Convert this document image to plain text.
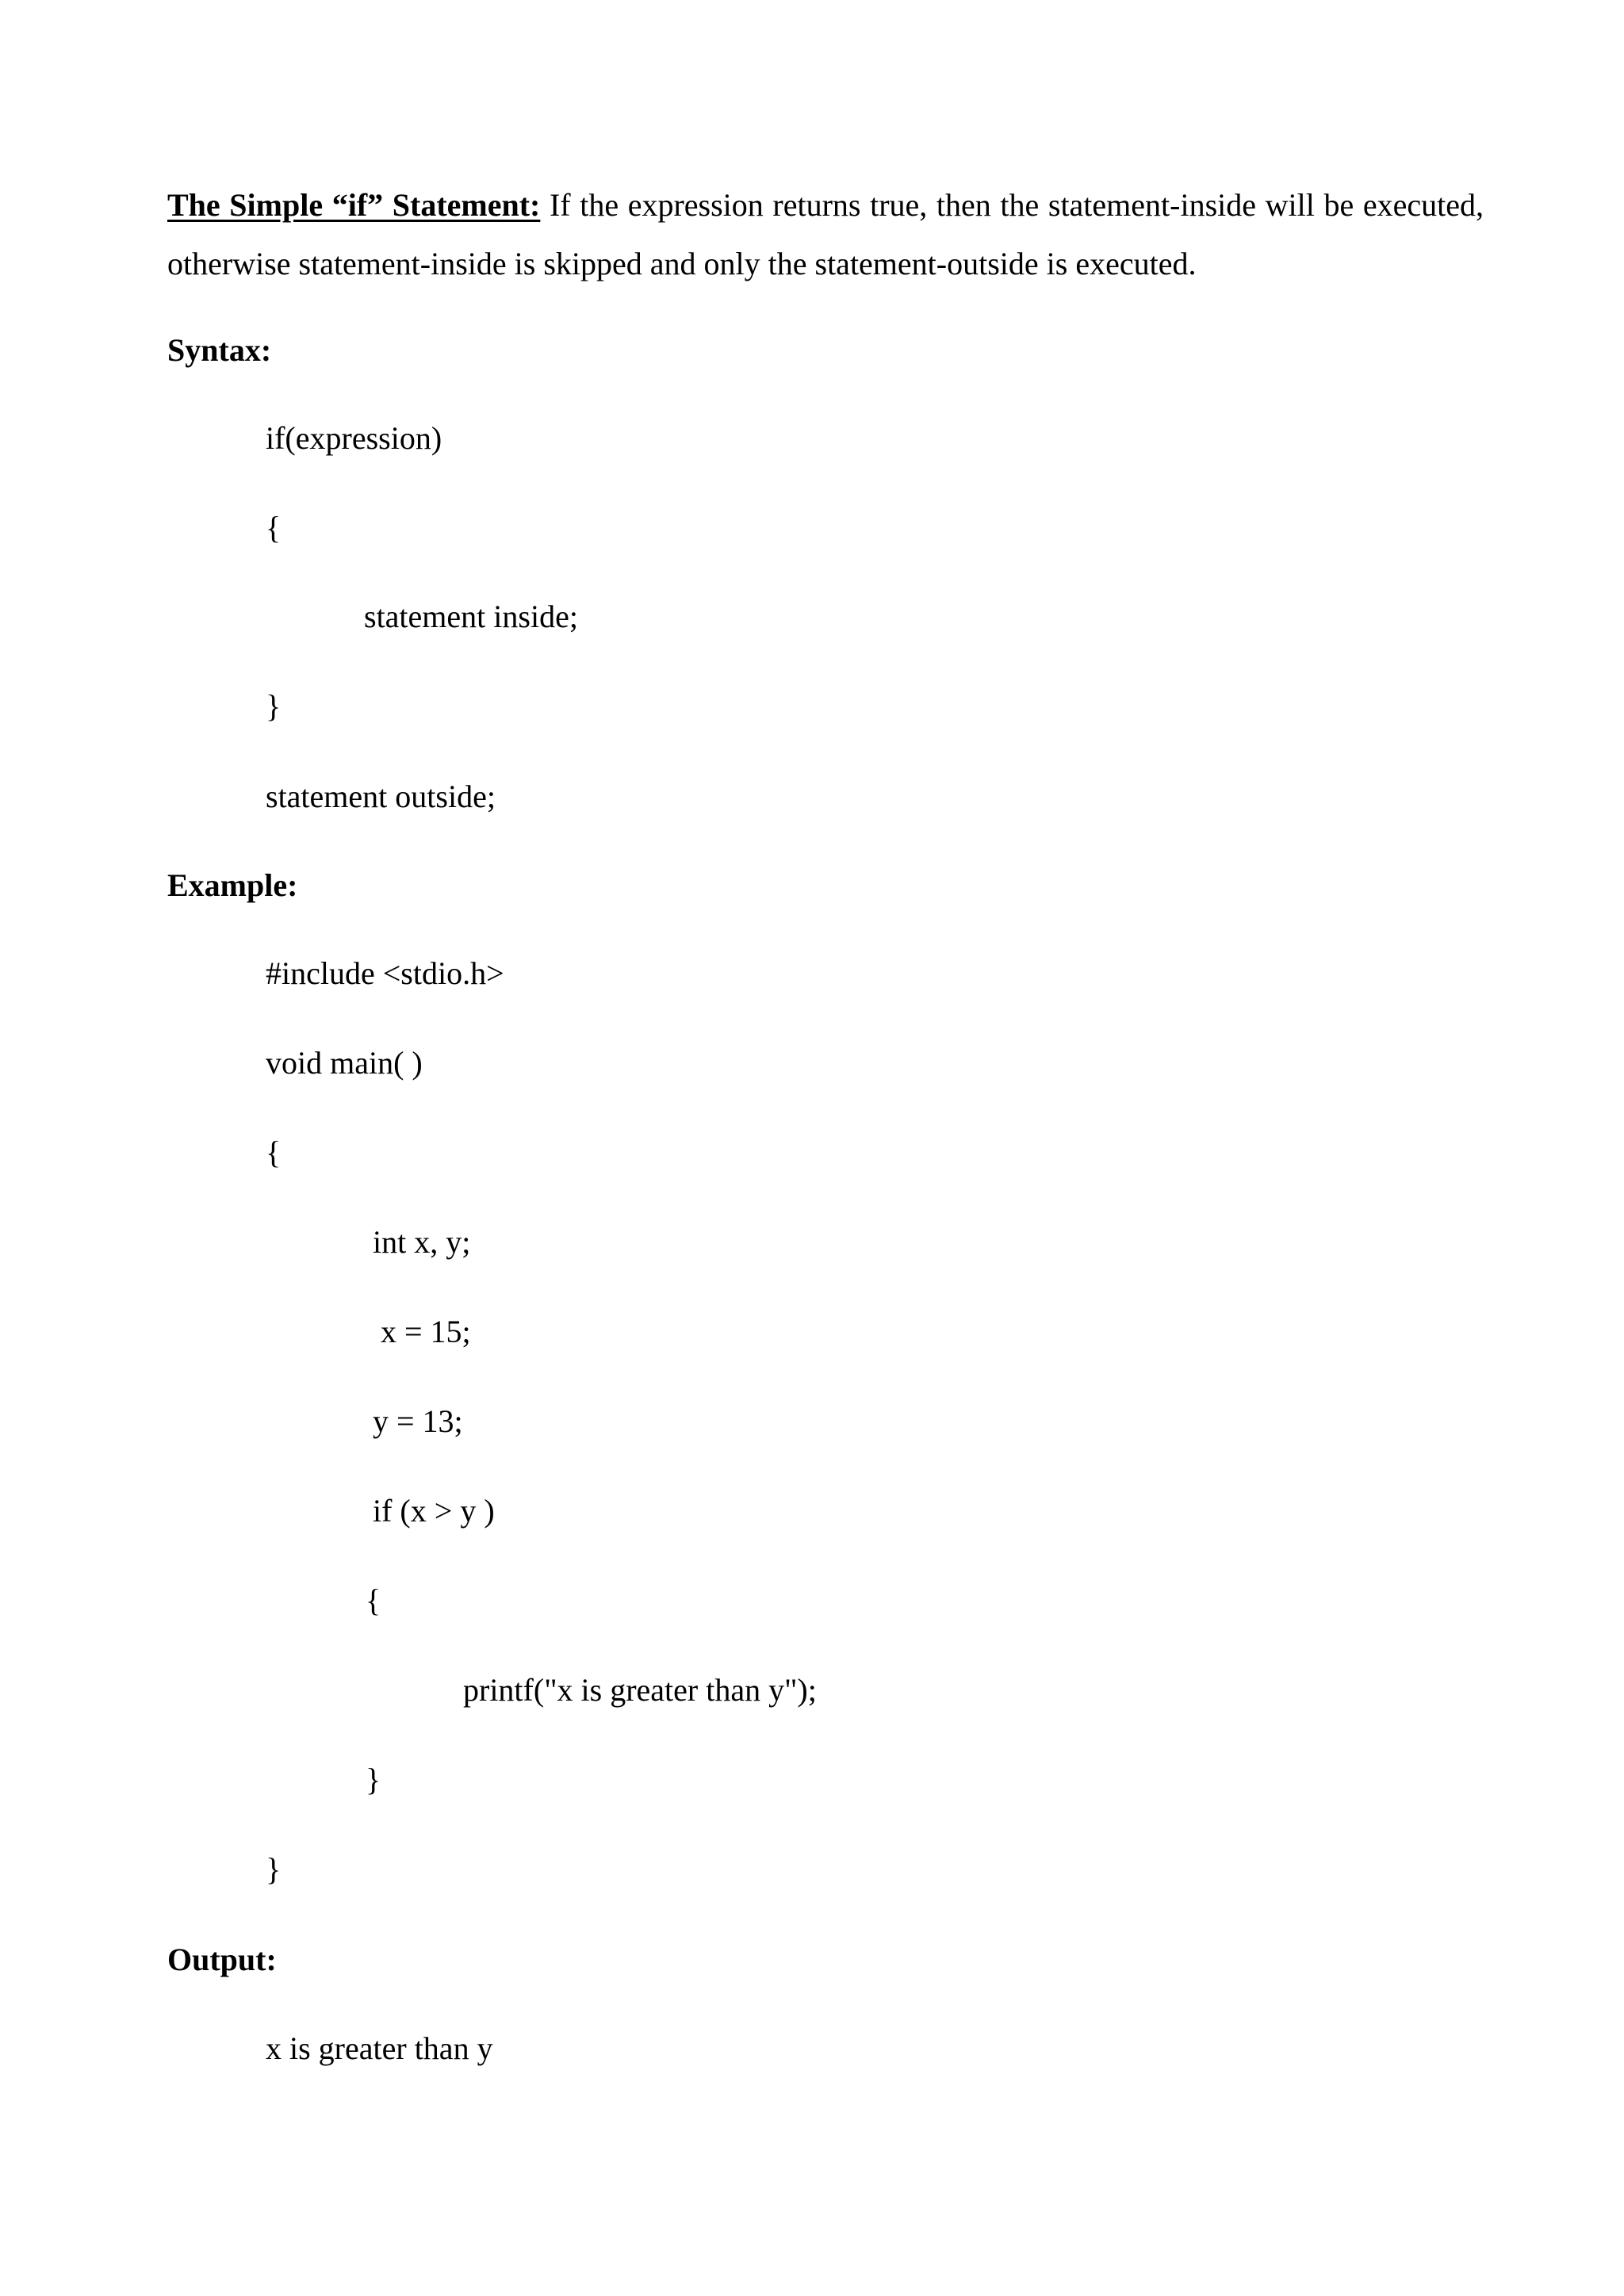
The Simple “if” Statement: If the expression returns true, then the statement-inside will be executed, otherwise statement-inside is skipped and only the statement-outside is executed.

Syntax:
if(expression)
{
statement inside;
}
statement outside;
Example:
#include <stdio.h>
void main( )
{
int x, y;
x = 15;
y = 13;
if (x > y )
{
printf("x is greater than y");
}
}
Output:
x is greater than y
